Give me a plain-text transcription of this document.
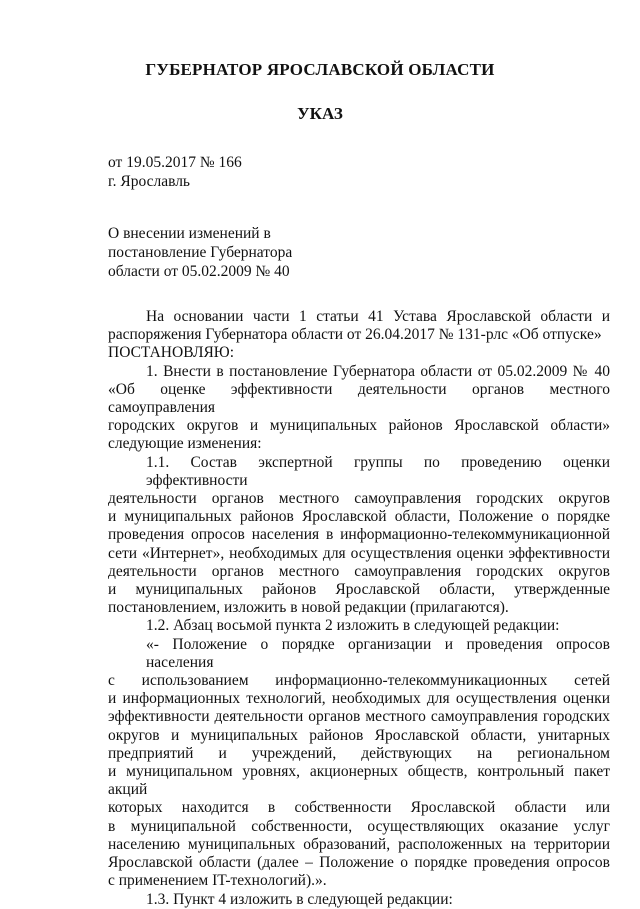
ГУБЕРНАТОР ЯРОСЛАВСКОЙ ОБЛАСТИ
УКАЗ
от 19.05.2017 № 166
г. Ярославль
О внесении изменений в
постановление Губернатора
области от 05.02.2009 № 40

На основании части 1 статьи 41 Устава Ярославской области и
распоряжения Губернатора области от 26.04.2017 № 131-рлс «Об отпуске»

ПОСТАНОВЛЯЮ:

1. Внести в постановление Губернатора области от 05.02.2009 № 40
«Об оценке эффективности деятельности органов местного самоуправления
городских округов и муниципальных районов Ярославской области»
следующие изменения:

1.1. Состав экспертной группы по проведению оценки эффективности
деятельности органов местного самоуправления городских округов
и муниципальных районов Ярославской области, Положение о порядке
проведения опросов населения в информационно-телекоммуникационной
сети «Интернет», необходимых для осуществления оценки эффективности
деятельности органов местного самоуправления городских округов
и муниципальных районов Ярославской области, утвержденные
постановлением, изложить в новой редакции (прилагаются).

1.2. Абзац восьмой пункта 2 изложить в следующей редакции:

«- Положение о порядке организации и проведения опросов населения
с использованием информационно-телекоммуникационных сетей
и информационных технологий, необходимых для осуществления оценки
эффективности деятельности органов местного самоуправления городских
округов и муниципальных районов Ярославской области, унитарных
предприятий и учреждений, действующих на региональном
и муниципальном уровнях, акционерных обществ, контрольный пакет акций
которых находится в собственности Ярославской области или
в муниципальной собственности, осуществляющих оказание услуг
населению муниципальных образований, расположенных на территории
Ярославской области (далее – Положение о порядке проведения опросов
с применением IT-технологий).».

1.3. Пункт 4 изложить в следующей редакции:
